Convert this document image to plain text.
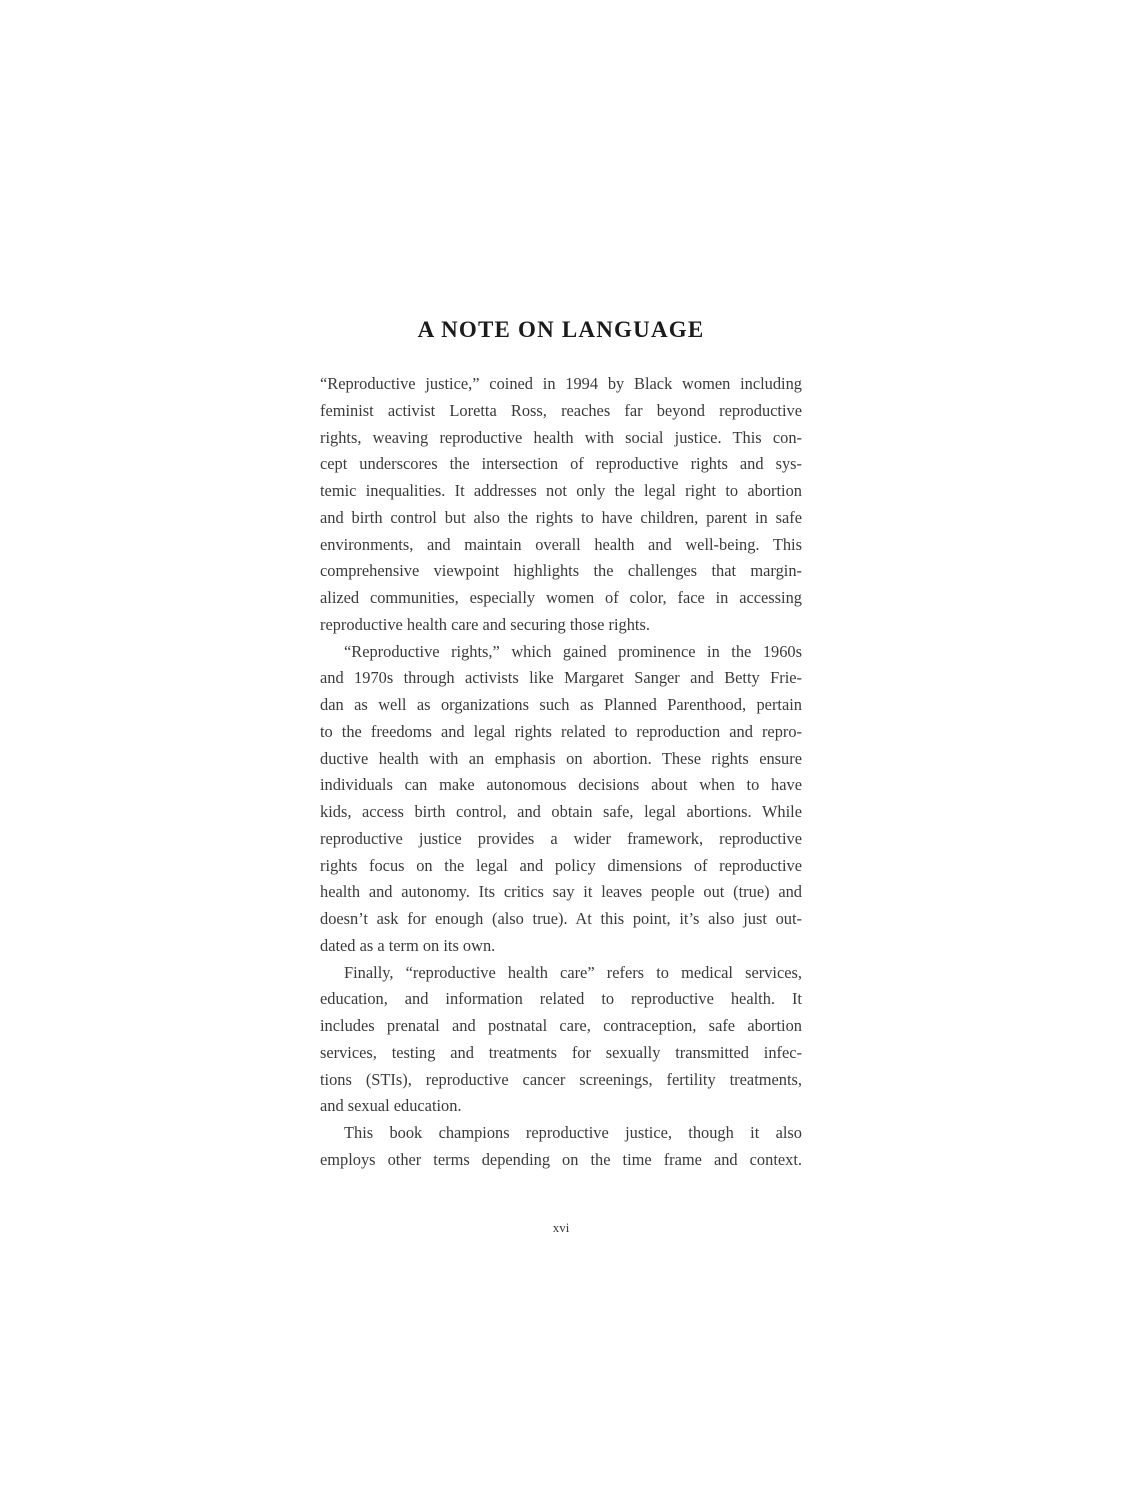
A NOTE ON LANGUAGE
“Reproductive justice,” coined in 1994 by Black women including
feminist activist Loretta Ross, reaches far beyond reproductive
rights, weaving reproductive health with social justice. This con-
cept underscores the intersection of reproductive rights and sys-
temic inequalities. It addresses not only the legal right to abortion
and birth control but also the rights to have children, parent in safe
environments, and maintain overall health and well-being. This
comprehensive viewpoint highlights the challenges that margin-
alized communities, especially women of color, face in accessing
reproductive health care and securing those rights.
“Reproductive rights,” which gained prominence in the 1960s
and 1970s through activists like Margaret Sanger and Betty Frie-
dan as well as organizations such as Planned Parenthood, pertain
to the freedoms and legal rights related to reproduction and repro-
ductive health with an emphasis on abortion. These rights ensure
individuals can make autonomous decisions about when to have
kids, access birth control, and obtain safe, legal abortions. While
reproductive justice provides a wider framework, reproductive
rights focus on the legal and policy dimensions of reproductive
health and autonomy. Its critics say it leaves people out (true) and
doesn’t ask for enough (also true). At this point, it’s also just out-
dated as a term on its own.
Finally, “reproductive health care” refers to medical services,
education, and information related to reproductive health. It
includes prenatal and postnatal care, contraception, safe abortion
services, testing and treatments for sexually transmitted infec-
tions (STIs), reproductive cancer screenings, fertility treatments,
and sexual education.
This book champions reproductive justice, though it also
employs other terms depending on the time frame and context.
xvi
